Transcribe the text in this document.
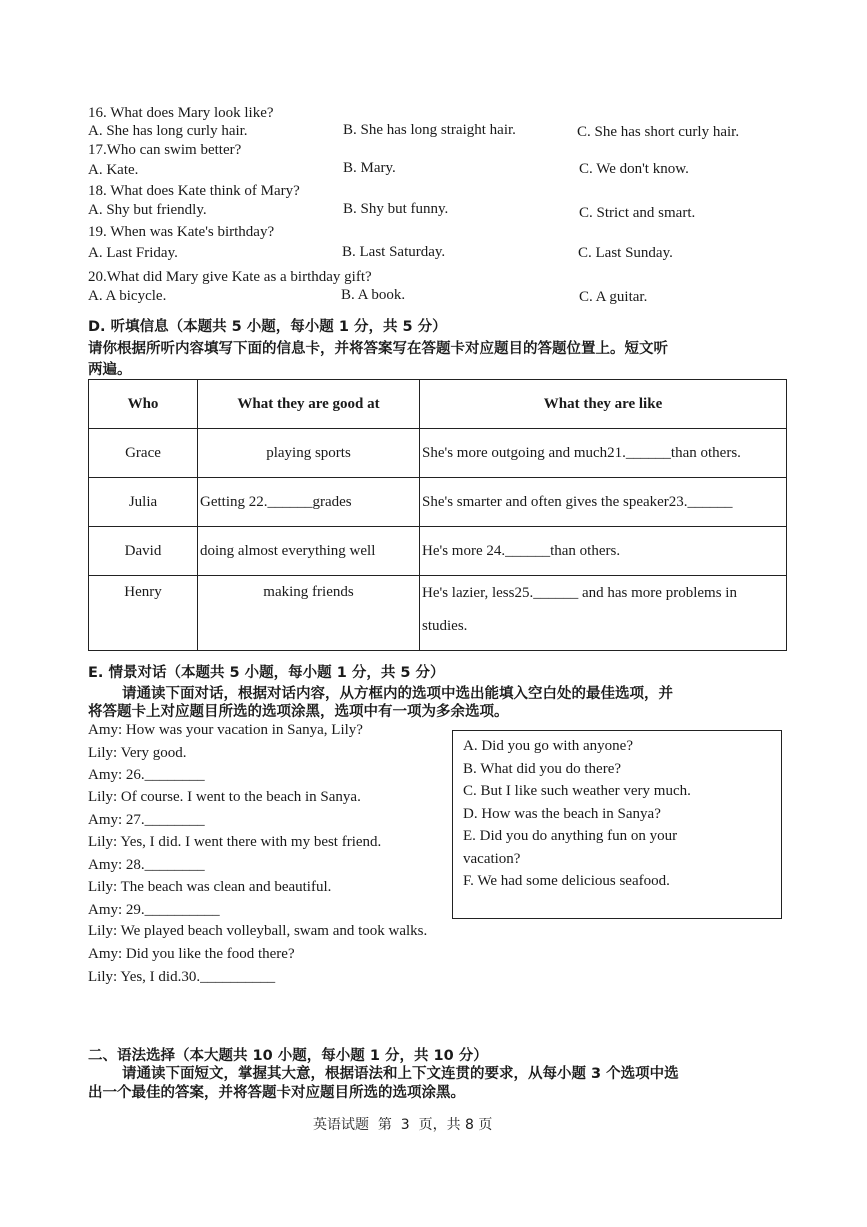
16. What does Mary look like?
A. She has long curly hair.	B. She has long straight hair.	C. She has short curly hair.
17.Who can swim better?
A. Kate.	B. Mary.	C. We don't know.
18. What does Kate think of Mary?
A. Shy but friendly.	B. Shy but funny.	C. Strict and smart.
19. When was Kate's birthday?
A. Last Friday.	B. Last Saturday.	C. Last Sunday.
20.What did Mary give Kate as a birthday gift?
A. A bicycle.	B. A book.	C. A guitar.
D. 听填信息（本题共 5 小题，每小题 1 分，共 5 分）
请你根据所听内容填写下面的信息卡，并将答案写在答题卡对应题目的答题位置上。短文听
两遍。
Who	What they are good at	What they are like
Grace	playing sports	She's more outgoing and much21.______than others.
Julia	Getting 22.______grades	She's smarter and often gives the speaker23.______
David	doing almost everything well	He's more 24.______than others.
Henry	making friends	He's lazier, less25.______ and has more problems in
studies.
E. 情景对话（本题共 5 小题，每小题 1 分，共 5 分）
请通读下面对话，根据对话内容，从方框内的选项中选出能填入空白处的最佳选项，并
将答题卡上对应题目所选的选项涂黑，选项中有一项为多余选项。
Amy: How was your vacation in Sanya, Lily?
Lily: Very good.
Amy: 26.________
Lily: Of course. I went to the beach in Sanya.
Amy: 27.________
Lily: Yes, I did. I went there with my best friend.
Amy: 28.________
Lily: The beach was clean and beautiful.
Amy: 29.__________
Lily: We played beach volleyball, swam and took walks.
Amy: Did you like the food there?
Lily: Yes, I did.30.__________
A. Did you go with anyone?
B. What did you do there?
C. But I like such weather very much.
D. How was the beach in Sanya?
E. Did you do anything fun on your
vacation?
F. We had some delicious seafood.
二、语法选择（本大题共 10 小题，每小题 1 分，共 10 分）
请通读下面短文，掌握其大意，根据语法和上下文连贯的要求，从每小题 3 个选项中选
出一个最佳的答案，并将答题卡对应题目所选的选项涂黑。
英语试题  第  3  页，共 8 页
